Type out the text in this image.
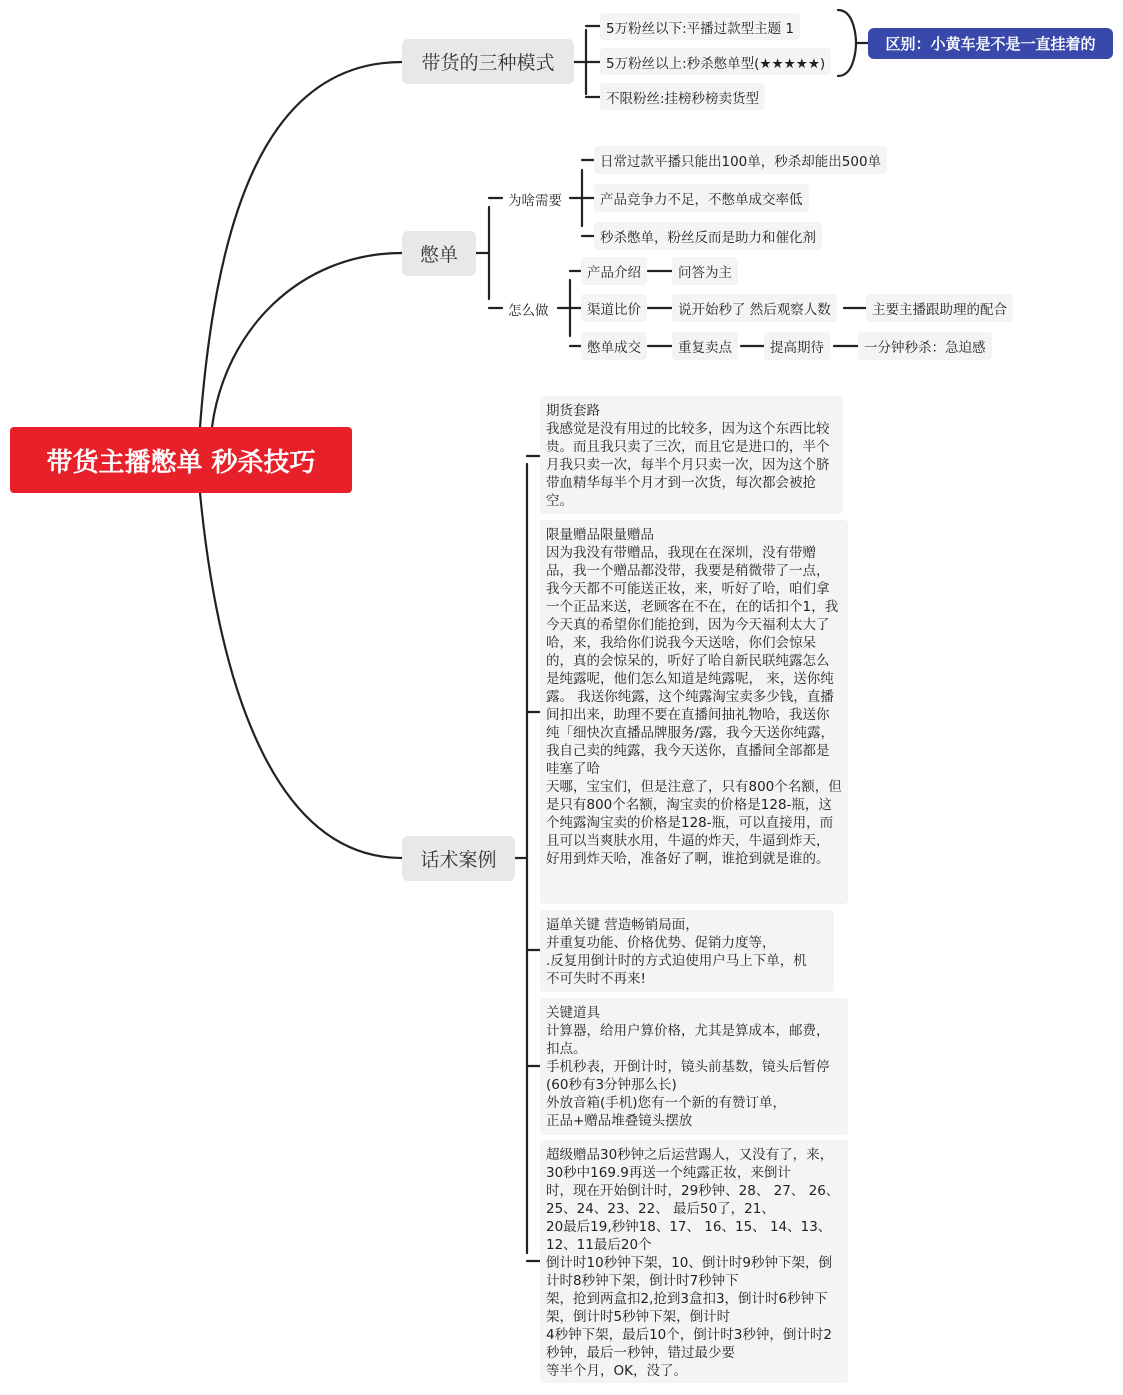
带货主播憋单 秒杀技巧
带货的三种模式
5万粉丝以下:平播过款型主题 1
5万粉丝以上:秒杀憋单型(★★★★★)
不限粉丝:挂榜秒榜卖货型
区别：小黄车是不是一直挂着的
憋单
为啥需要
日常过款平播只能出100单，秒杀却能出500单
产品竞争力不足，不憋单成交率低
秒杀憋单，粉丝反而是助力和催化剂
怎么做
产品介绍	问答为主
渠道比价	说开始秒了 然后观察人数	主要主播跟助理的配合
憋单成交	重复卖点	提高期待	一分钟秒杀：急迫感
话术案例
期货套路
我感觉是没有用过的比较多，因为这个东西比较贵。而且我只卖了三次，而且它是进口的，半个月我只卖一次，每半个月只卖一次，因为这个脐带血精华每半个月才到一次货，每次都会被抢空。
限量赠品限量赠品
因为我没有带赠品，我现在在深圳，没有带赠品，我一个赠品都没带，我要是稍微带了一点，我今天都不可能送正妆，来，听好了哈，咱们拿一个正品来送，老顾客在不在，在的话扣个1，我今天真的希望你们能抢到，因为今天福利太大了哈，来，我给你们说我今天送啥，你们会惊呆的，真的会惊呆的，听好了哈自新民联纯露怎么是纯露呢，他们怎么知道是纯露呢， 来，送你纯露。 我送你纯露，这个纯露淘宝卖多少钱，直播间扣出来，助理不要在直播间抽礼物哈，我送你纯「细快次直播品牌服务/露，我今天送你纯露，我自己卖的纯露，我今天送你，直播间全部都是哇塞了哈
天哪，宝宝们，但是注意了，只有800个名额，但是只有800个名额，淘宝卖的价格是128-瓶，这个纯露淘宝卖的价格是128-瓶，可以直接用，而且可以当爽肤水用，牛逼的炸天，牛逼到炸天，好用到炸天哈，准备好了啊，谁抢到就是谁的。
逼单关键 营造畅销局面，
并重复功能、价格优势、促销力度等，
.反复用倒计时的方式迫使用户马上下单，机
不可失时不再来!
关键道具
计算器，给用户算价格，尤其是算成本，邮费，扣点。
手机秒表，开倒计时，镜头前基数，镜头后暂停(60秒有3分钟那么长)
外放音箱(手机)您有一个新的有赞订单，
正品+赠品堆叠镜头摆放
超级赠品30秒钟之后运营踢人，又没有了，来，30秒中169.9再送一个纯露正妆，来倒计
时，现在开始倒计时，29秒钟、28、 27、 26、25、24、23、22、 最后50了，21、
20最后19,秒钟18、17、 16、15、 14、13、 12、11最后20个
倒计时10秒钟下架，10、倒计时9秒钟下架，倒计时8秒钟下架，倒计时7秒钟下
架，抢到两盒扣2,抢到3盒扣3，倒计时6秒钟下架，倒计时5秒钟下架，倒计时
4秒钟下架，最后10个，倒计时3秒钟，倒计时2秒钟，最后一秒钟，错过最少要
等半个月，OK，没了。
